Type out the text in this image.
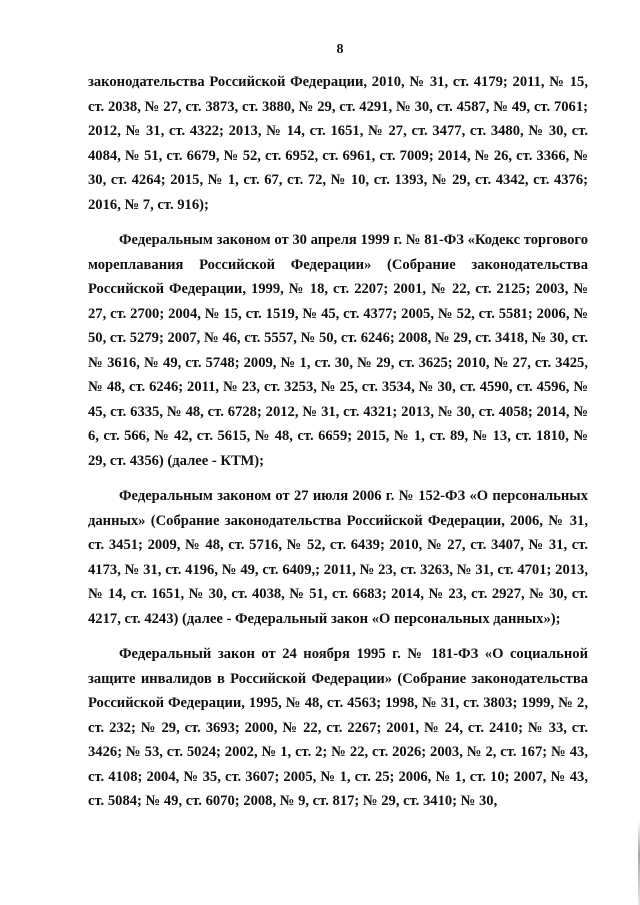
8

законодательства Российской Федерации, 2010, № 31, ст. 4179; 2011, № 15, ст. 2038, № 27, ст. 3873, ст. 3880, № 29, ст. 4291, № 30, ст. 4587, № 49, ст. 7061; 2012, № 31, ст. 4322; 2013, № 14, ст. 1651, № 27, ст. 3477, ст. 3480, № 30, ст. 4084, № 51, ст. 6679, № 52, ст. 6952, ст. 6961, ст. 7009; 2014, № 26, ст. 3366, № 30, ст. 4264; 2015, № 1, ст. 67, ст. 72, № 10, ст. 1393, № 29, ст. 4342, ст. 4376; 2016, № 7, ст. 916);

Федеральным законом от 30 апреля 1999 г. № 81-ФЗ «Кодекс торгового мореплавания Российской Федерации» (Собрание законодательства Российской Федерации, 1999, № 18, ст. 2207; 2001, № 22, ст. 2125; 2003, № 27, ст. 2700; 2004, № 15, ст. 1519, № 45, ст. 4377; 2005, № 52, ст. 5581; 2006, № 50, ст. 5279; 2007, № 46, ст. 5557, № 50, ст. 6246; 2008, № 29, ст. 3418, № 30, ст. № 3616, № 49, ст. 5748; 2009, № 1, ст. 30, № 29, ст. 3625; 2010, № 27, ст. 3425, № 48, ст. 6246; 2011, № 23, ст. 3253, № 25, ст. 3534, № 30, ст. 4590, ст. 4596, № 45, ст. 6335, № 48, ст. 6728; 2012, № 31, ст. 4321; 2013, № 30, ст. 4058; 2014, № 6, ст. 566, № 42, ст. 5615, № 48, ст. 6659; 2015, № 1, ст. 89, № 13, ст. 1810, № 29, ст. 4356) (далее - КТМ);

Федеральным законом от 27 июля 2006 г. № 152-ФЗ «О персональных данных» (Собрание законодательства Российской Федерации, 2006, № 31, ст. 3451; 2009, № 48, ст. 5716, № 52, ст. 6439; 2010, № 27, ст. 3407, № 31, ст. 4173, № 31, ст. 4196, № 49, ст. 6409,; 2011, № 23, ст. 3263, № 31, ст. 4701; 2013, № 14, ст. 1651, № 30, ст. 4038, № 51, ст. 6683; 2014, № 23, ст. 2927, № 30, ст. 4217, ст. 4243) (далее - Федеральный закон «О персональных данных»);

Федеральный закон от 24 ноября 1995 г. № 181-ФЗ «О социальной защите инвалидов в Российской Федерации» (Собрание законодательства Российской Федерации, 1995, № 48, ст. 4563; 1998, № 31, ст. 3803; 1999, № 2, ст. 232; № 29, ст. 3693; 2000, № 22, ст. 2267; 2001, № 24, ст. 2410; № 33, ст. 3426; № 53, ст. 5024; 2002, № 1, ст. 2; № 22, ст. 2026; 2003, № 2, ст. 167; № 43, ст. 4108; 2004, № 35, ст. 3607; 2005, № 1, ст. 25; 2006, № 1, ст. 10; 2007, № 43, ст. 5084; № 49, ст. 6070; 2008, № 9, ст. 817; № 29, ст. 3410; № 30,
